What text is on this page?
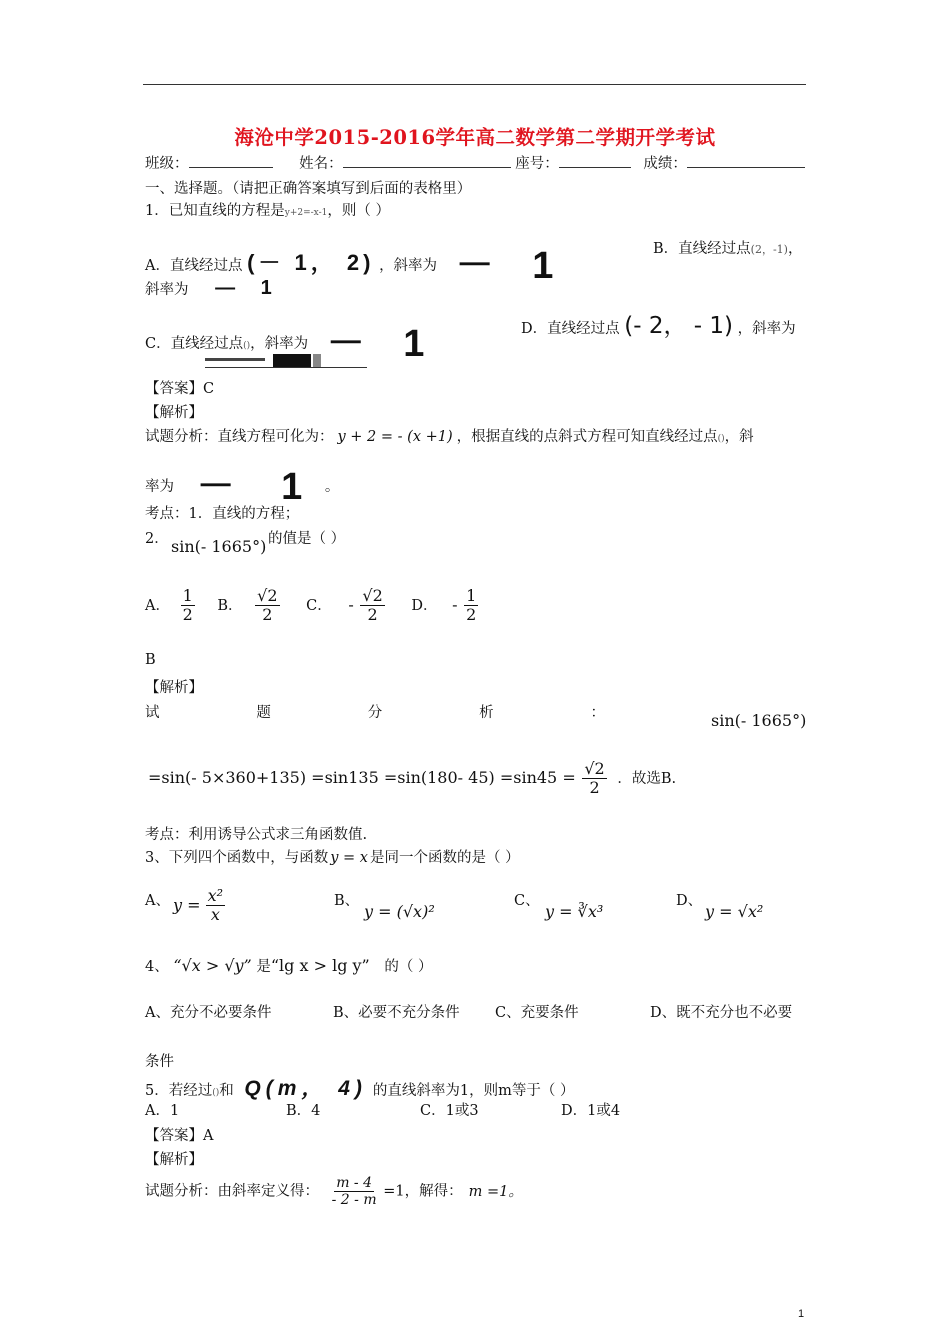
海沧中学2015-2016学年高二数学第二学期开学考试
班级：	姓名：	座号：	成绩：
一、选择题。（请把正确答案填写到后面的表格里）
1．已知直线的方程是y+2=-x-1，则（ ）
A．直线经过点 (－ 1， 2) ，斜率为 － 1	B．直线经过点(2，-1)，
斜率为 — 1
C．直线经过点()，斜率为 － 1	D．直线经过点 (- 2， - 1) ，斜率为
【答案】C
【解析】
试题分析：直线方程可化为： y + 2 = - (x +1) ，根据直线的点斜式方程可知直线经过点()，斜
率为 － 1 。
考点：1．直线的方程；
2． sin(- 1665°) 的值是（ ）
A． $\frac{1}{2}$ B． $\frac{√2}{2}$ C． - $\frac{√2}{2}$ D． - $\frac{1}{2}$
B
【解析】
试	题	分	析	：	sin(- 1665°)
=sin(- 5×360+135) =sin135 =sin(180- $45) =\sin 45 = \frac{√2}{2}$ ．故选B.
考点：利用诱导公式求三角函数值.
3、下列四个函数中，与函数 y = x 是同一个函数的是（ ）
A、 $y = \frac{\text{x²}}{x}$	B、
y = (√x)²
C、
y = ∛x³
D、
y = √x²
4、 “√x > √y” 是“lg x > lg y” 的（ ）
A、充分不必要条件	B、必要不充分条件 C、充要条件	D、既不充分也不必要
条件
5．若经过()和 Q(m， 4) 的直线斜率为1，则m等于（ ）
A．1	B．4	C．1或3	D．1或4
【答案】A
【解析】
试题分析：由斜率定义得： $\frac{m - 4}{- 2 - m} =1$，解得： m =1。
1
